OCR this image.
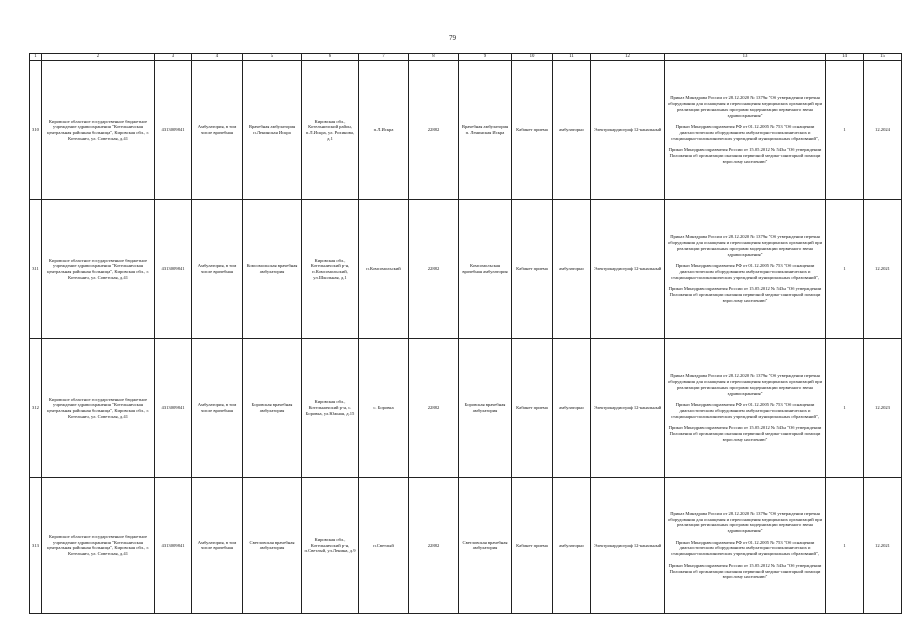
79
1	2	3	4	5	6	7	8	9	10	11	12	13	14	15
310	Кировское областное государственное бюджетное учреждение здравоохранения "Котельничская центральная районная больница", Кировская обл., г. Котельнич, ул. Советская, д.41	4313009841	Амбулатория, в том числе врачебная	Врачебная амбулатория п.Ленинская Искра	Кировская обл., Котельничский район, п.Л.Искра, ул. Рохинова, д.1	п.Л.Искра	22882	Врачебная амбулатория п. Ленинская Искра	Кабинет приема	амбулаторно	Электрокардиограф 12-канальный	Приказ Минздрава России от 28.12.2020 № 1379н "Об утверждении перечня оборудования для оснащения и переоснащения медицинских организаций при реализации региональных программ модернизации первичного звена здравоохранения"

Приказ Минздравсоцразвития РФ от 01.12.2005 № 753 "Об оснащении диагностическим оборудованием амбулаторно-поликлинических и стационарно-поликлинических учреждений муниципальных образований",

Приказ Минздравсоцразвития России от 15.05.2012 № 543н "Об утверждении Положения об организации оказания первичной медико-санитарной помощи взрослому населению"	1	12.2024
311	Кировское областное государственное бюджетное учреждение здравоохранения "Котельничская центральная районная больница", Кировская обл., г. Котельнич, ул. Советская, д.41	4313009841	Амбулатория, в том числе врачебная	Комсомольская врачебная амбулатория	Кировская обл., Котельничский р-н, п.Комсомольский, ул.Школьная, д.1	п.Комсомольский	22882	Комсомольская врачебная амбулатория	Кабинет приема	амбулаторно	Электрокардиограф 12-канальный	Приказ Минздрава России от 28.12.2020 № 1379н "Об утверждении перечня оборудования для оснащения и переоснащения медицинских организаций при реализации региональных программ модернизации первичного звена здравоохранения"

Приказ Минздравсоцразвития РФ от 01.12.2005 № 753 "Об оснащении диагностическим оборудованием амбулаторно-поликлинических и стационарно-поликлинических учреждений муниципальных образований",

Приказ Минздравсоцразвития России от 15.05.2012 № 543н "Об утверждении Положения об организации оказания первичной медико-санитарной помощи взрослому населению"	1	12.2021
312	Кировское областное государственное бюджетное учреждение здравоохранения "Котельничская центральная районная больница", Кировская обл., г. Котельнич, ул. Советская, д.41	4313009841	Амбулатория, в том числе врачебная	Боровская врачебная амбулатория	Кировская обл., Котельничский р-н, с. Боровка, ул.Южная, д.15	с. Боровка	22882	Боровская врачебная амбулатория	Кабинет приема	амбулаторно	Электрокардиограф 12-канальный	Приказ Минздрава России от 28.12.2020 № 1379н "Об утверждении перечня оборудования для оснащения и переоснащения медицинских организаций при реализации региональных программ модернизации первичного звена здравоохранения"

Приказ Минздравсоцразвития РФ от 01.12.2005 № 753 "Об оснащении диагностическим оборудованием амбулаторно-поликлинических и стационарно-поликлинических учреждений муниципальных образований",

Приказ Минздравсоцразвития России от 15.05.2012 № 543н "Об утверждении Положения об организации оказания первичной медико-санитарной помощи взрослому населению"	1	12.2023
313	Кировское областное государственное бюджетное учреждение здравоохранения "Котельничская центральная районная больница", Кировская обл., г. Котельнич, ул. Советская, д.41	4313009841	Амбулатория, в том числе врачебная	Светловская врачебная амбулатория	Кировская обл., Котельничский р-н, п.Светлый, ул.Ленина, д.9	п.Светлый	22882	Светловская врачебная амбулатория	Кабинет приема	амбулаторно	Электрокардиограф 12-канальный	Приказ Минздрава России от 28.12.2020 № 1379н "Об утверждении перечня оборудования для оснащения и переоснащения медицинских организаций при реализации региональных программ модернизации первичного звена здравоохранения"

Приказ Минздравсоцразвития РФ от 01.12.2005 № 753 "Об оснащении диагностическим оборудованием амбулаторно-поликлинических и стационарно-поликлинических учреждений муниципальных образований",

Приказ Минздравсоцразвития России от 15.05.2012 № 543н "Об утверждении Положения об организации оказания первичной медико-санитарной помощи взрослому населению"	1	12.2021
